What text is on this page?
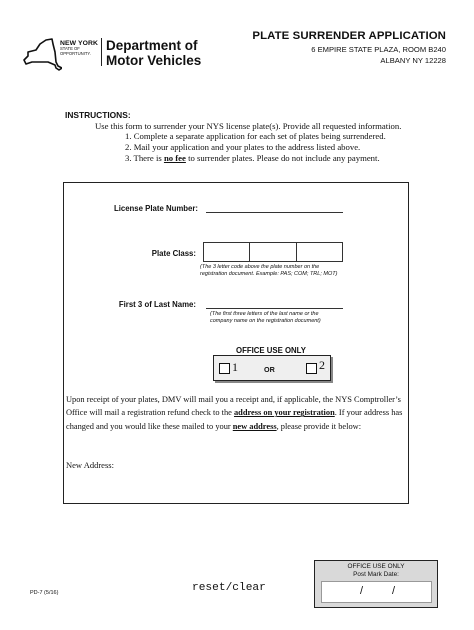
NEW YORK
STATE OF
OPPORTUNITY.
Department of
Motor Vehicles
PLATE SURRENDER APPLICATION
6 EMPIRE STATE PLAZA, ROOM B240
ALBANY NY 12228
INSTRUCTIONS:
Use this form to surrender your NYS license plate(s). Provide all requested information.
1. Complete a separate application for each set of plates being surrendered.
2. Mail your application and your plates to the address listed above.
3. There is no fee to surrender plates. Please do not include any payment.
License Plate Number:
Plate Class:
(The 3 letter code above the plate number on the
registration document. Example: PAS; COM; TRL; MOT)
First 3 of Last Name:
(The first three letters of the last name or the
company name on the registration document)
OFFICE USE ONLY
1	OR	2
Upon receipt of your plates, DMV will mail you a receipt and, if applicable, the NYS Comptroller’s Office will mail a registration refund check to the address on your registration. If your address has changed and you would like these mailed to your new address, please provide it below:
New Address:
PD-7 (5/16)	reset/clear
OFFICE USE ONLY
Post Mark Date:
/	/
